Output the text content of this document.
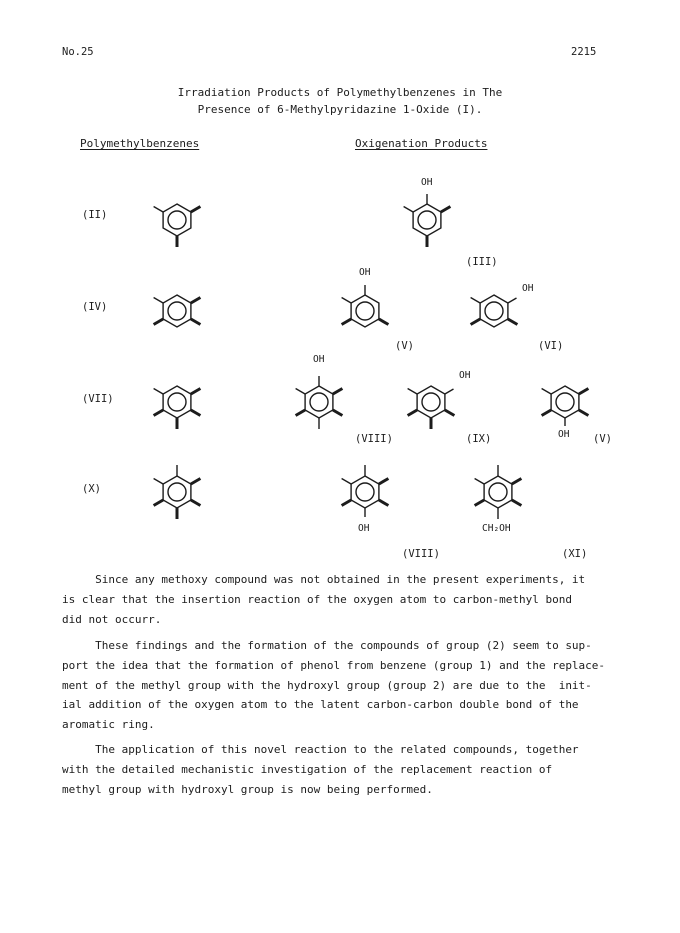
No.25	2215
Irradiation Products of Polymethylbenzenes in The
Presence of 6-Methylpyridazine 1-Oxide (I).
Polymethylbenzenes	Oxigenation Products
(II)
OH
(III)
(IV)
OH
(V)
OH
(VI)
(VII)
OH
(VIII)
OH
(IX)	OH (V)
(X)
OH	CH₂OH
(VIII)	(XI)
Since any methoxy compound was not obtained in the present experiments, it
is clear that the insertion reaction of the oxygen atom to carbon-methyl bond
did not occurr.
These findings and the formation of the compounds of group (2) seem to sup-
port the idea that the formation of phenol from benzene (group 1) and the replace-
ment of the methyl group with the hydroxyl group (group 2) are due to the  init-
ial addition of the oxygen atom to the latent carbon-carbon double bond of the
aromatic ring.
The application of this novel reaction to the related compounds, together
with the detailed mechanistic investigation of the replacement reaction of
methyl group with hydroxyl group is now being performed.
